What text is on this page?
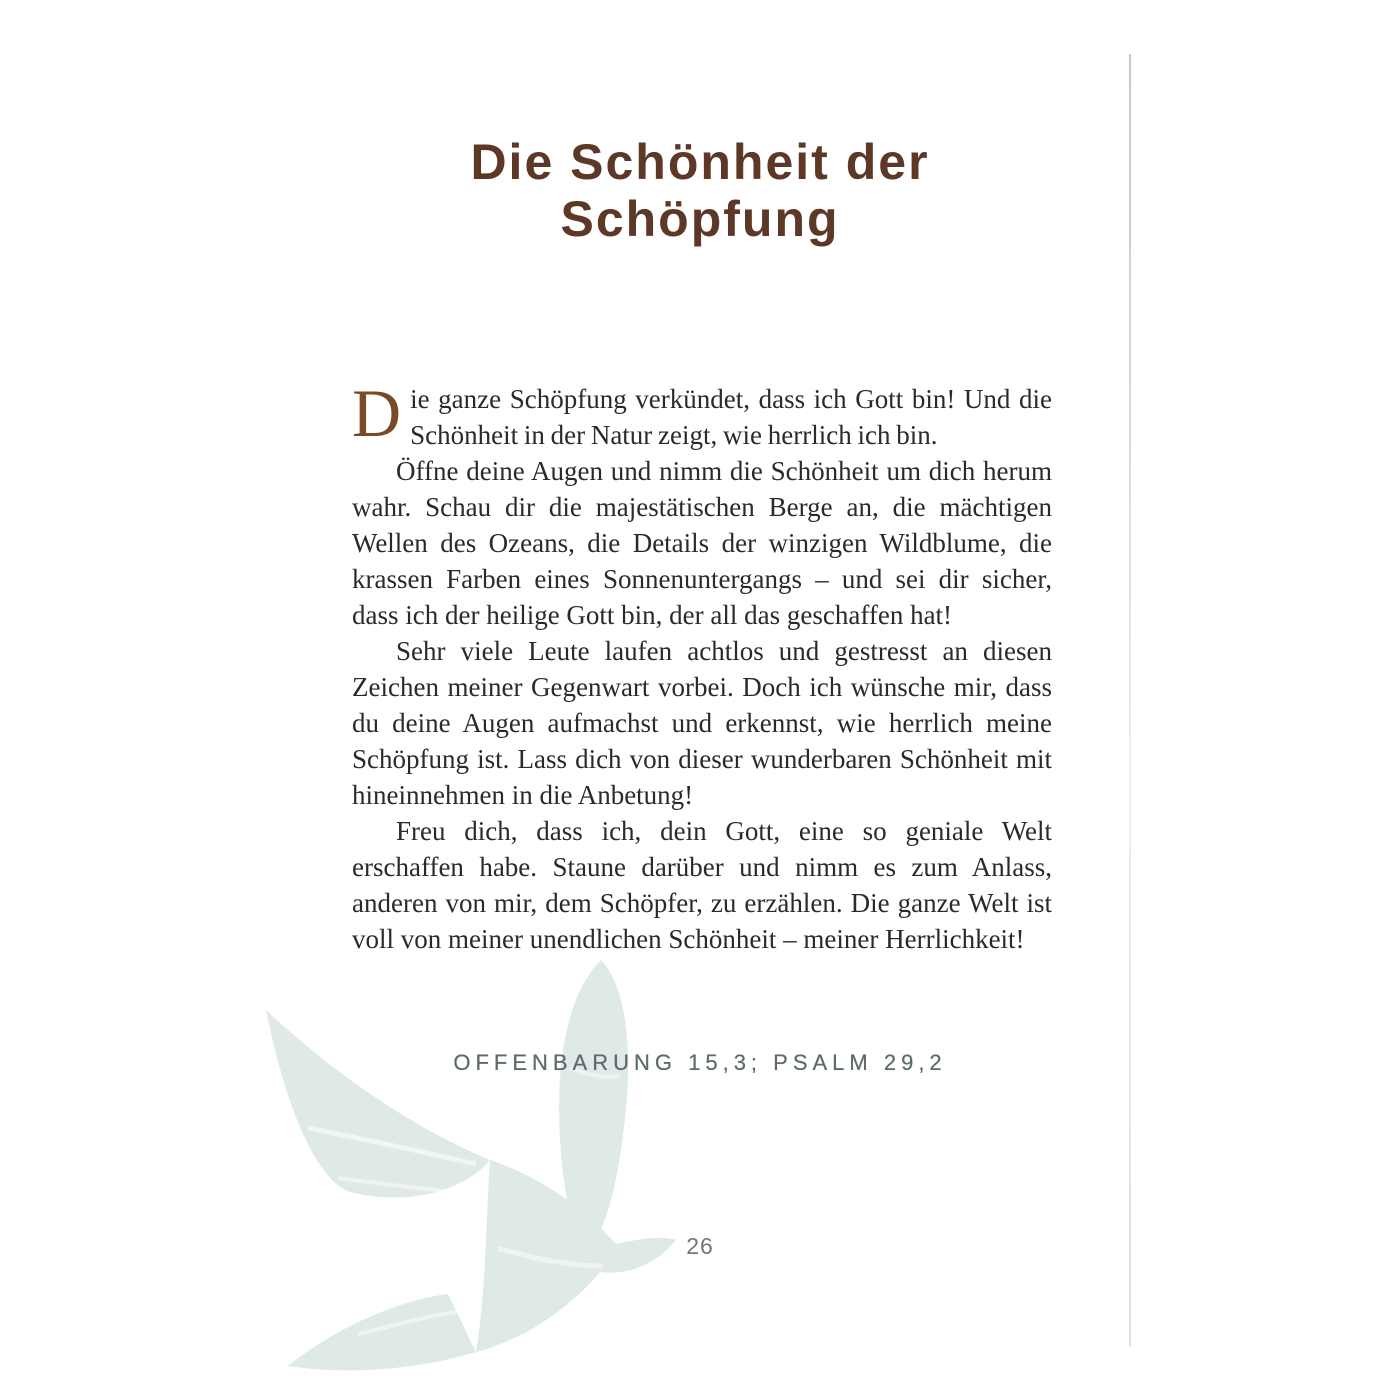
Die Schönheit der Schöpfung

Die ganze Schöpfung verkündet, dass ich Gott bin! Und die Schönheit in der Natur zeigt, wie herrlich ich bin.

Öffne deine Augen und nimm die Schönheit um dich herum wahr. Schau dir die majestätischen Berge an, die mächtigen Wellen des Ozeans, die Details der winzigen Wildblume, die krassen Farben eines Sonnenuntergangs – und sei dir sicher, dass ich der heilige Gott bin, der all das geschaffen hat!

Sehr viele Leute laufen achtlos und gestresst an diesen Zeichen meiner Gegenwart vorbei. Doch ich wünsche mir, dass du deine Augen aufmachst und erkennst, wie herrlich meine Schöpfung ist. Lass dich von dieser wunderbaren Schönheit mit hineinnehmen in die Anbetung!

Freu dich, dass ich, dein Gott, eine so geniale Welt erschaffen habe. Staune darüber und nimm es zum Anlass, anderen von mir, dem Schöpfer, zu erzählen. Die ganze Welt ist voll von meiner unendlichen Schönheit – meiner Herrlichkeit!

OFFENBARUNG 15,3; PSALM 29,2
26
